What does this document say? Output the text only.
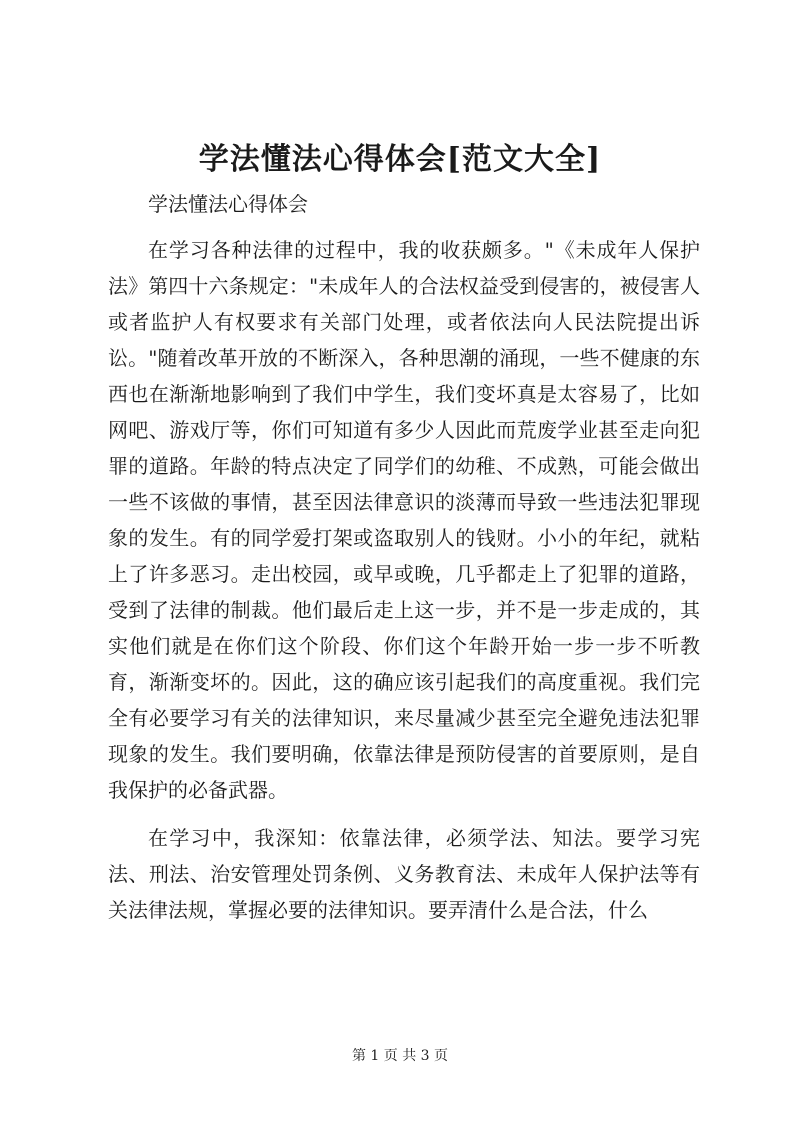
学法懂法心得体会[范文大全]

学法懂法心得体会

在学习各种法律的过程中，我的收获颇多。"《未成年人保护法》第四十六条规定："未成年人的合法权益受到侵害的，被侵害人或者监护人有权要求有关部门处理，或者依法向人民法院提出诉讼。"随着改革开放的不断深入，各种思潮的涌现，一些不健康的东西也在渐渐地影响到了我们中学生，我们变坏真是太容易了，比如网吧、游戏厅等，你们可知道有多少人因此而荒废学业甚至走向犯罪的道路。年龄的特点决定了同学们的幼稚、不成熟，可能会做出一些不该做的事情，甚至因法律意识的淡薄而导致一些违法犯罪现象的发生。有的同学爱打架或盗取别人的钱财。小小的年纪，就粘上了许多恶习。走出校园，或早或晚，几乎都走上了犯罪的道路，受到了法律的制裁。他们最后走上这一步，并不是一步走成的，其实他们就是在你们这个阶段、你们这个年龄开始一步一步不听教育，渐渐变坏的。因此，这的确应该引起我们的高度重视。我们完全有必要学习有关的法律知识，来尽量减少甚至完全避免违法犯罪现象的发生。我们要明确，依靠法律是预防侵害的首要原则，是自我保护的必备武器。

在学习中，我深知：依靠法律，必须学法、知法。要学习宪法、刑法、治安管理处罚条例、义务教育法、未成年人保护法等有关法律法规，掌握必要的法律知识。要弄清什么是合法，什么

第 1 页 共 3 页
